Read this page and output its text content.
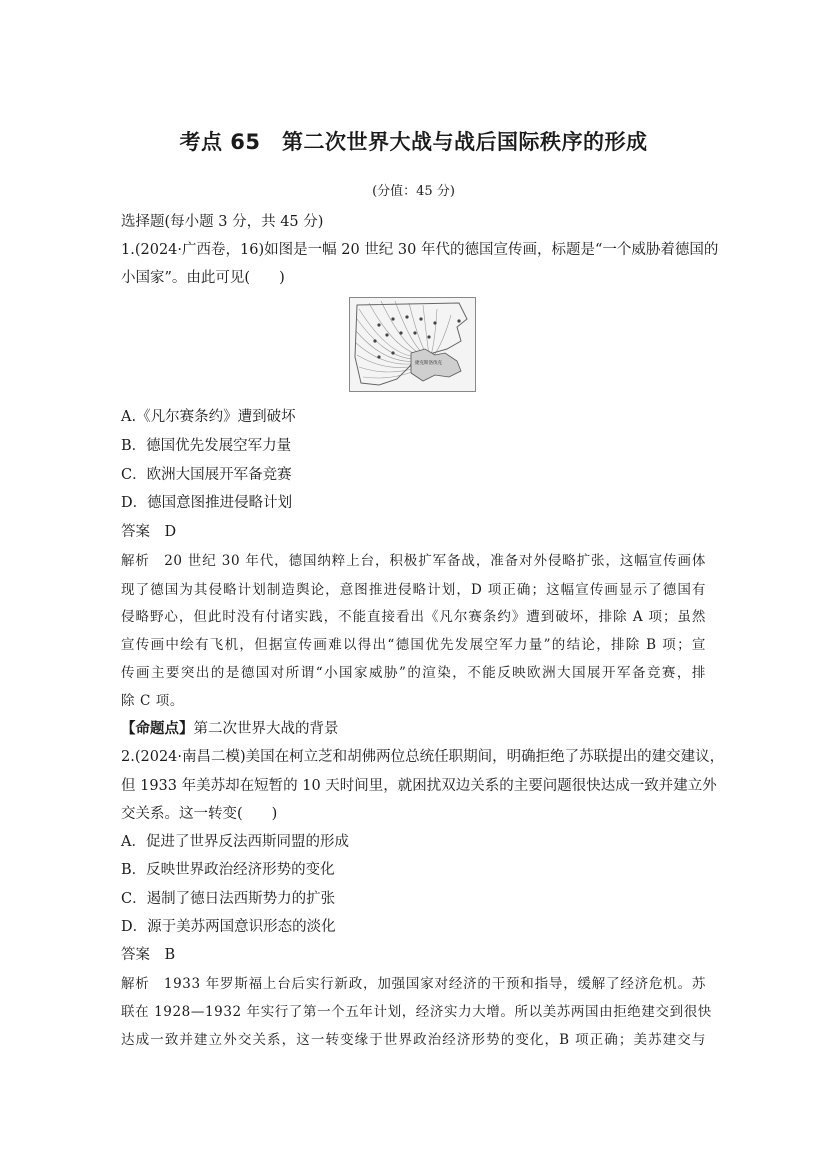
考点 65　第二次世界大战与战后国际秩序的形成
(分值：45 分)
选择题(每小题 3 分，共 45 分)
1.(2024·广西卷，16)如图是一幅 20 世纪 30 年代的德国宣传画，标题是“一个威胁着德国的
小国家”。由此可见(　　)
捷克斯洛伐克
A.《凡尔赛条约》遭到破坏
B．德国优先发展空军力量
C．欧洲大国展开军备竞赛
D．德国意图推进侵略计划
答案　D
解析　20 世纪 30 年代，德国纳粹上台，积极扩军备战，准备对外侵略扩张，这幅宣传画体
现了德国为其侵略计划制造舆论，意图推进侵略计划，D 项正确；这幅宣传画显示了德国有
侵略野心，但此时没有付诸实践，不能直接看出《凡尔赛条约》遭到破坏，排除 A 项；虽然
宣传画中绘有飞机，但据宣传画难以得出“德国优先发展空军力量”的结论，排除 B 项；宣
传画主要突出的是德国对所谓“小国家威胁”的渲染，不能反映欧洲大国展开军备竞赛，排
除 C 项。
【命题点】第二次世界大战的背景
2.(2024·南昌二模)美国在柯立芝和胡佛两位总统任职期间，明确拒绝了苏联提出的建交建议，
但 1933 年美苏却在短暂的 10 天时间里，就困扰双边关系的主要问题很快达成一致并建立外
交关系。这一转变(　　)
A．促进了世界反法西斯同盟的形成
B．反映世界政治经济形势的变化
C．遏制了德日法西斯势力的扩张
D．源于美苏两国意识形态的淡化
答案　B
解析　1933 年罗斯福上台后实行新政，加强国家对经济的干预和指导，缓解了经济危机。苏
联在 1928—1932 年实行了第一个五年计划，经济实力大增。所以美苏两国由拒绝建交到很快
达成一致并建立外交关系，这一转变缘于世界政治经济形势的变化，B 项正确；美苏建交与
